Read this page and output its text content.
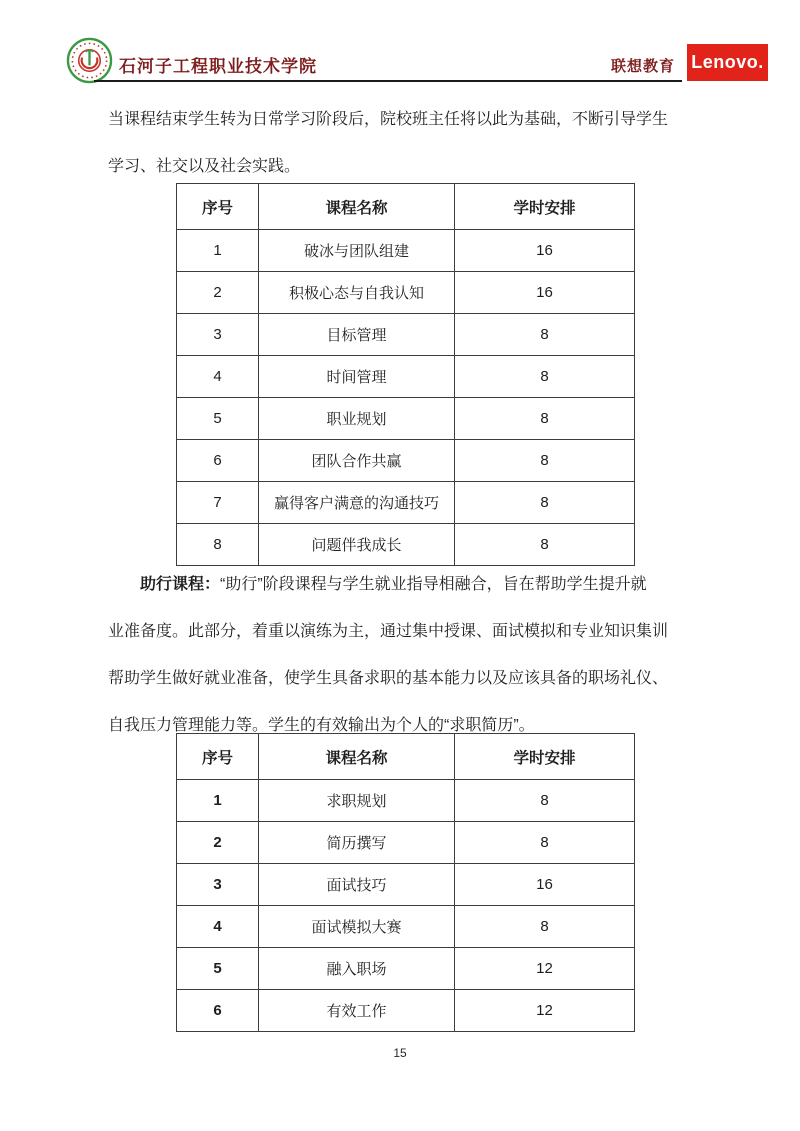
石河子工程职业技术学院	联想教育 Lenovo.
当课程结束学生转为日常学习阶段后，院校班主任将以此为基础，不断引导学生
学习、社交以及社会实践。
序号	课程名称	学时安排
1	破冰与团队组建	16
2	积极心态与自我认知	16
3	目标管理	8
4	时间管理	8
5	职业规划	8
6	团队合作共赢	8
7	赢得客户满意的沟通技巧	8
8	问题伴我成长	8
助行课程：“助行”阶段课程与学生就业指导相融合，旨在帮助学生提升就
业准备度。此部分，着重以演练为主，通过集中授课、面试模拟和专业知识集训
帮助学生做好就业准备，使学生具备求职的基本能力以及应该具备的职场礼仪、
自我压力管理能力等。学生的有效输出为个人的“求职简历”。
序号	课程名称	学时安排
1	求职规划	8
2	简历撰写	8
3	面试技巧	16
4	面试模拟大赛	8
5	融入职场	12
6	有效工作	12
15
